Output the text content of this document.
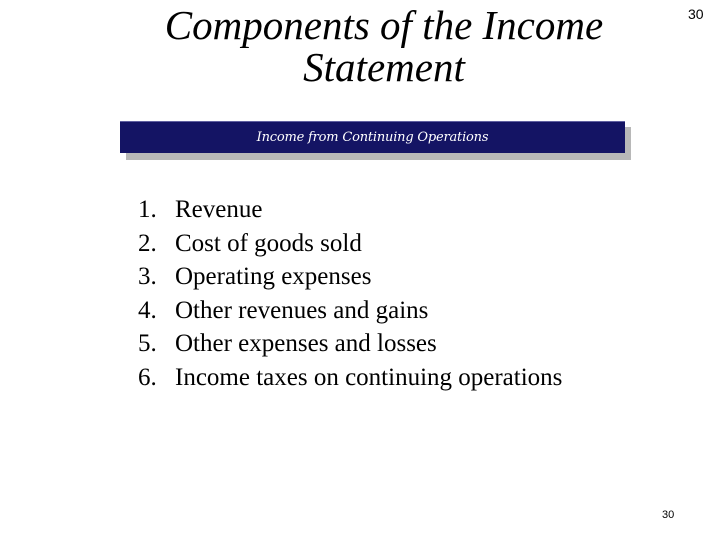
Components of the Income
Statement
30
Income from Continuing Operations
1. Revenue
2. Cost of goods sold
3. Operating expenses
4. Other revenues and gains
5. Other expenses and losses
6. Income taxes on continuing operations
30
